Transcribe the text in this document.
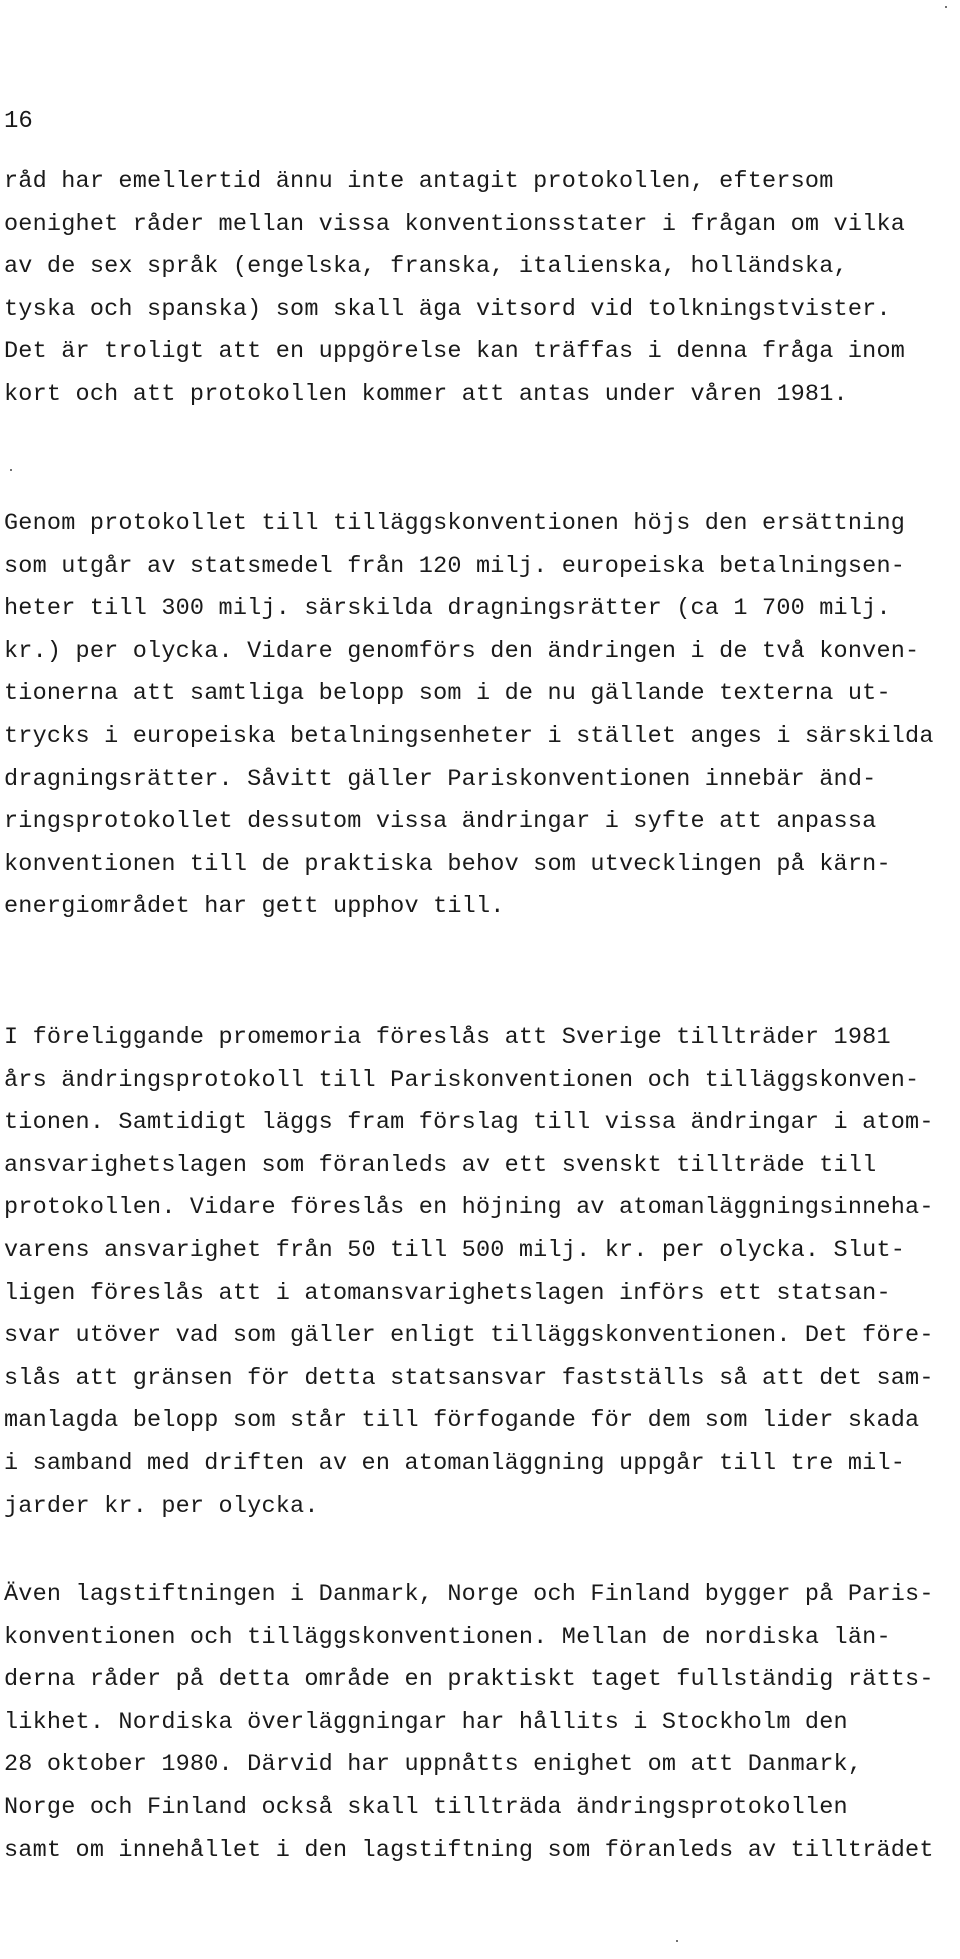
16
råd har emellertid ännu inte antagit protokollen, eftersom
oenighet råder mellan vissa konventionsstater i frågan om vilka
av de sex språk (engelska, franska, italienska, holländska,
tyska och spanska) som skall äga vitsord vid tolkningstvister.
Det är troligt att en uppgörelse kan träffas i denna fråga inom
kort och att protokollen kommer att antas under våren 1981.
Genom protokollet till tilläggskonventionen höjs den ersättning
som utgår av statsmedel från 120 milj. europeiska betalningsen-
heter till 300 milj. särskilda dragningsrätter (ca 1 700 milj.
kr.) per olycka. Vidare genomförs den ändringen i de två konven-
tionerna att samtliga belopp som i de nu gällande texterna ut-
trycks i europeiska betalningsenheter i stället anges i särskilda
dragningsrätter. Såvitt gäller Pariskonventionen innebär änd-
ringsprotokollet dessutom vissa ändringar i syfte att anpassa
konventionen till de praktiska behov som utvecklingen på kärn-
energiområdet har gett upphov till.
I föreliggande promemoria föreslås att Sverige tillträder 1981
års ändringsprotokoll till Pariskonventionen och tilläggskonven-
tionen. Samtidigt läggs fram förslag till vissa ändringar i atom-
ansvarighetslagen som föranleds av ett svenskt tillträde till
protokollen. Vidare föreslås en höjning av atomanläggningsinneha-
varens ansvarighet från 50 till 500 milj. kr. per olycka. Slut-
ligen föreslås att i atomansvarighetslagen införs ett statsan-
svar utöver vad som gäller enligt tilläggskonventionen. Det före-
slås att gränsen för detta statsansvar fastställs så att det sam-
manlagda belopp som står till förfogande för dem som lider skada
i samband med driften av en atomanläggning uppgår till tre mil-
jarder kr. per olycka.
Även lagstiftningen i Danmark, Norge och Finland bygger på Paris-
konventionen och tilläggskonventionen. Mellan de nordiska län-
derna råder på detta område en praktiskt taget fullständig rätts-
likhet. Nordiska överläggningar har hållits i Stockholm den
28 oktober 1980. Därvid har uppnåtts enighet om att Danmark,
Norge och Finland också skall tillträda ändringsprotokollen
samt om innehållet i den lagstiftning som föranleds av tillträdet
